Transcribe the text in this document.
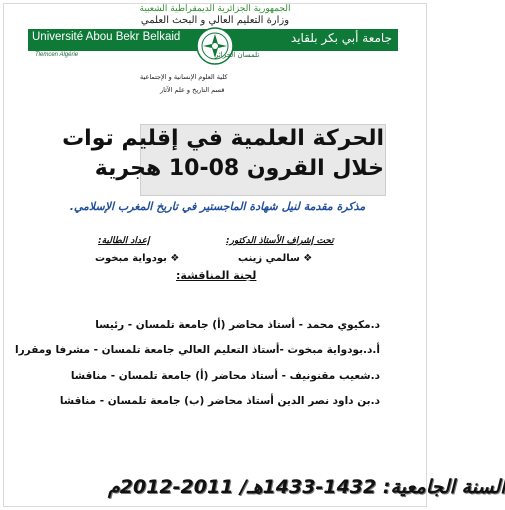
الجمهورية الجزائرية الديمقراطية الشعبية
وزارة التعليم العالي و البحث العلمي
Université Abou Bekr Belkaid	جامعة أبي بكر بلقايد
Tlemcen Algérie	تلمسان الجزائر
كلية العلوم الإنسانية و الإجتماعية
قسم التاريخ و علم الآثار
الحركة العلمية في إقليم توات
خلال القرون 08-10 هجرية
مذكرة مقدمة لنيل شهادة الماجستير في تاريخ المغرب الإسلامي.
تحت إشراف الأستاذ الدكتور:
إعداد الطالبة:
❖ سالمي زينب
❖ بودواية مبخوت
لجنة المناقشة:
د.مكيوي محمد - أستاذ محاضر (أ) جامعة تلمسان - رئيسا
أ.د.بودواية مبخوت -أستاذ التعليم العالي جامعة تلمسان - مشرفا ومقررا
د.شعيب مقنونيف - أستاذ محاضر (أ) جامعة تلمسان - مناقشا
د.بن داود نصر الدين أستاذ محاضر (ب) جامعة تلمسان - مناقشا
السنة الجامعية: 1432-1433هـ/ 2011-2012م
